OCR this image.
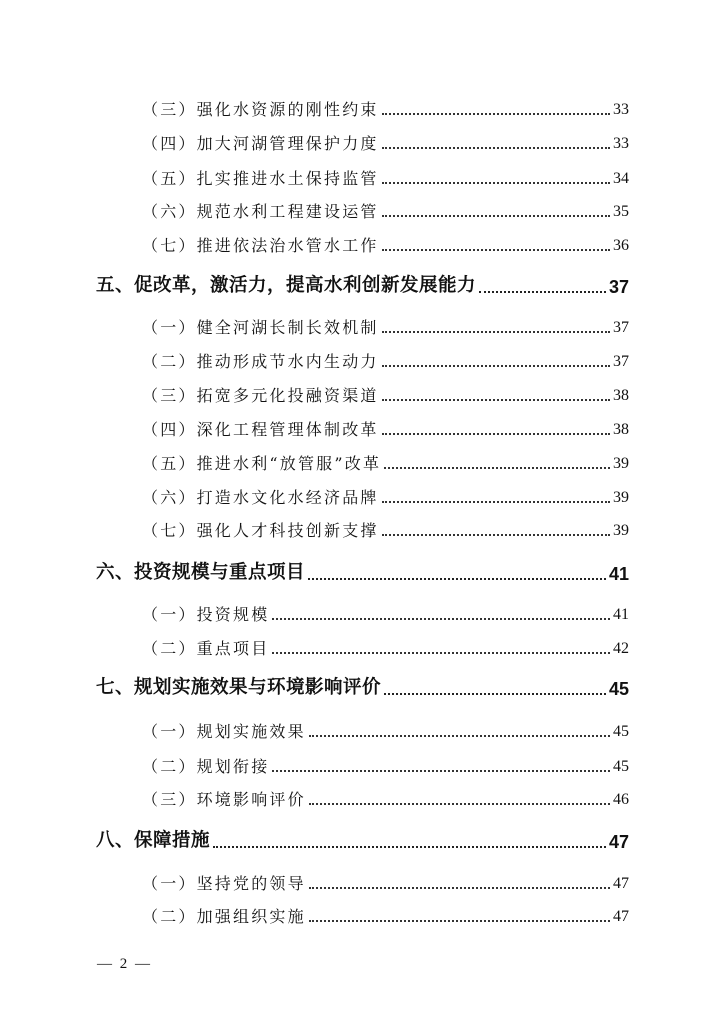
（三）强化水资源的刚性约束	33
（四）加大河湖管理保护力度	33
（五）扎实推进水土保持监管	34
（六）规范水利工程建设运管	35
（七）推进依法治水管水工作	36
五、促改革，激活力，提高水利创新发展能力	37
（一）健全河湖长制长效机制	37
（二）推动形成节水内生动力	37
（三）拓宽多元化投融资渠道	38
（四）深化工程管理体制改革	38
（五）推进水利“放管服”改革	39
（六）打造水文化水经济品牌	39
（七）强化人才科技创新支撑	39
六、投资规模与重点项目	41
（一）投资规模	41
（二）重点项目	42
七、规划实施效果与环境影响评价	45
（一）规划实施效果	45
（二）规划衔接	45
（三）环境影响评价	46
八、保障措施	47
（一）坚持党的领导	47
（二）加强组织实施	47
— 2 —
